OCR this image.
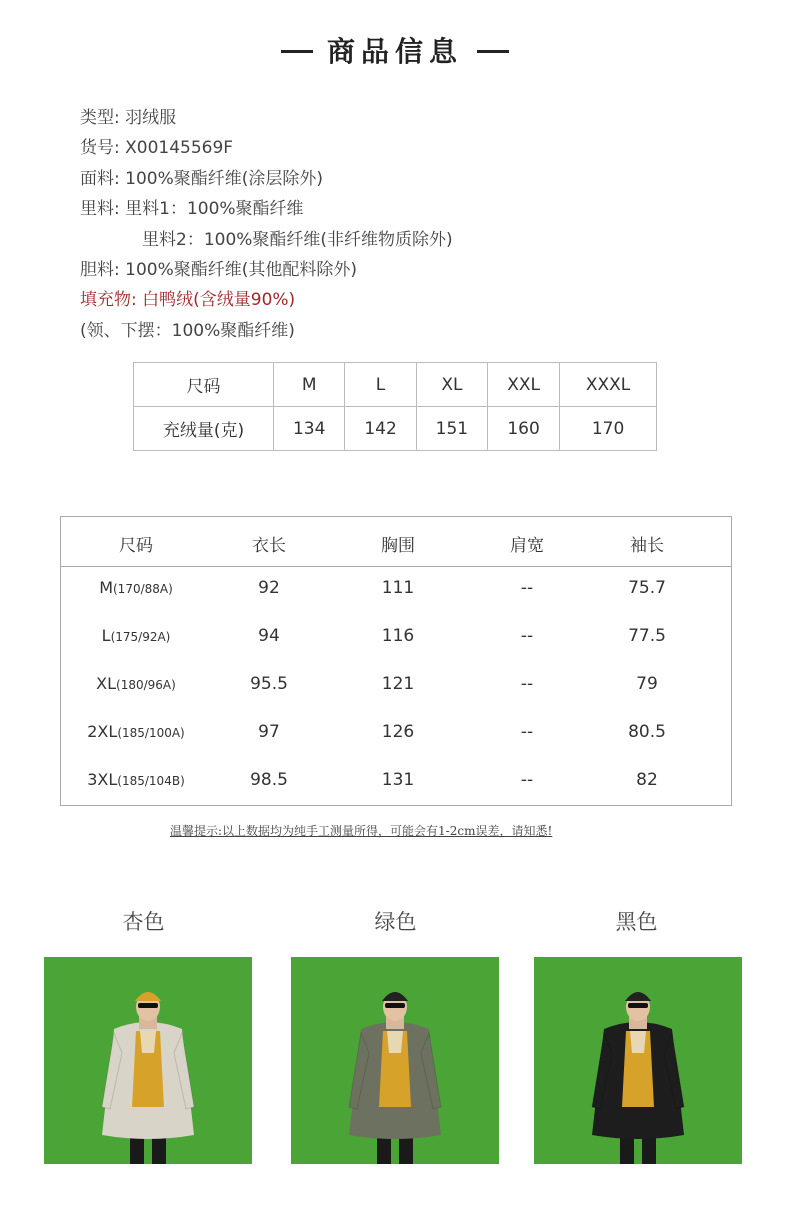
商品信息
类型: 羽绒服
货号: X00145569F
面料: 100%聚酯纤维(涂层除外)
里料: 里料1：100%聚酯纤维
里料2：100%聚酯纤维(非纤维物质除外)
胆料: 100%聚酯纤维(其他配料除外)
填充物: 白鸭绒(含绒量90%)
(领、下摆：100%聚酯纤维)
尺码	M	L	XL	XXL	XXXL
充绒量(克)	134	142	151	160	170
尺码	衣长	胸围	肩宽	袖长
M(170/88A)	92	111	--	75.7
L(175/92A)	94	116	--	77.5
XL(180/96A)	95.5	121	--	79
2XL(185/100A)	97	126	--	80.5
3XL(185/104B)	98.5	131	--	82
温馨提示:以上数据均为纯手工测量所得，可能会有1-2cm误差，请知悉!
杏色	绿色	黑色
